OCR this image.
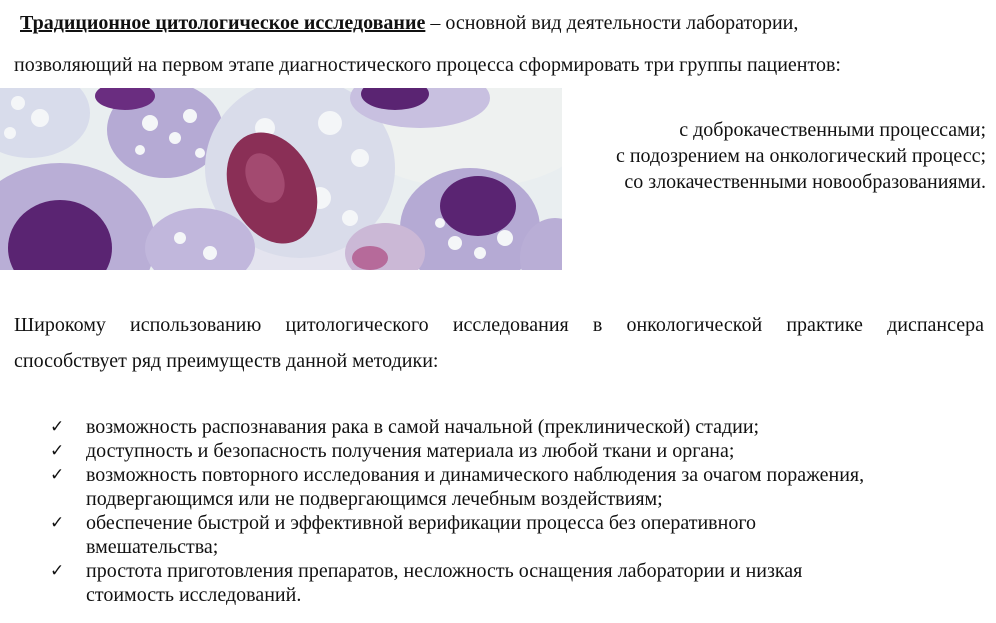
Традиционное цитологическое исследование – основной вид деятельности лаборатории,
позволяющий на первом этапе диагностического процесса сформировать три группы пациентов:
с доброкачественными процессами;
с подозрением на онкологический процесс;
со злокачественными новообразованиями.
Широкому использованию цитологического исследования в онкологической практике диспансера
способствует ряд преимуществ данной методики:
✓ возможность распознавания рака в самой начальной (преклинической) стадии;
✓ доступность и безопасность получения материала из любой ткани и органа;
✓ возможность повторного исследования и динамического наблюдения за очагом поражения,
подвергающимся или не подвергающимся лечебным воздействиям;
✓ обеспечение быстрой и эффективной верификации процесса без оперативного
вмешательства;
✓ простота приготовления препаратов, несложность оснащения лаборатории и низкая
стоимость исследований.
